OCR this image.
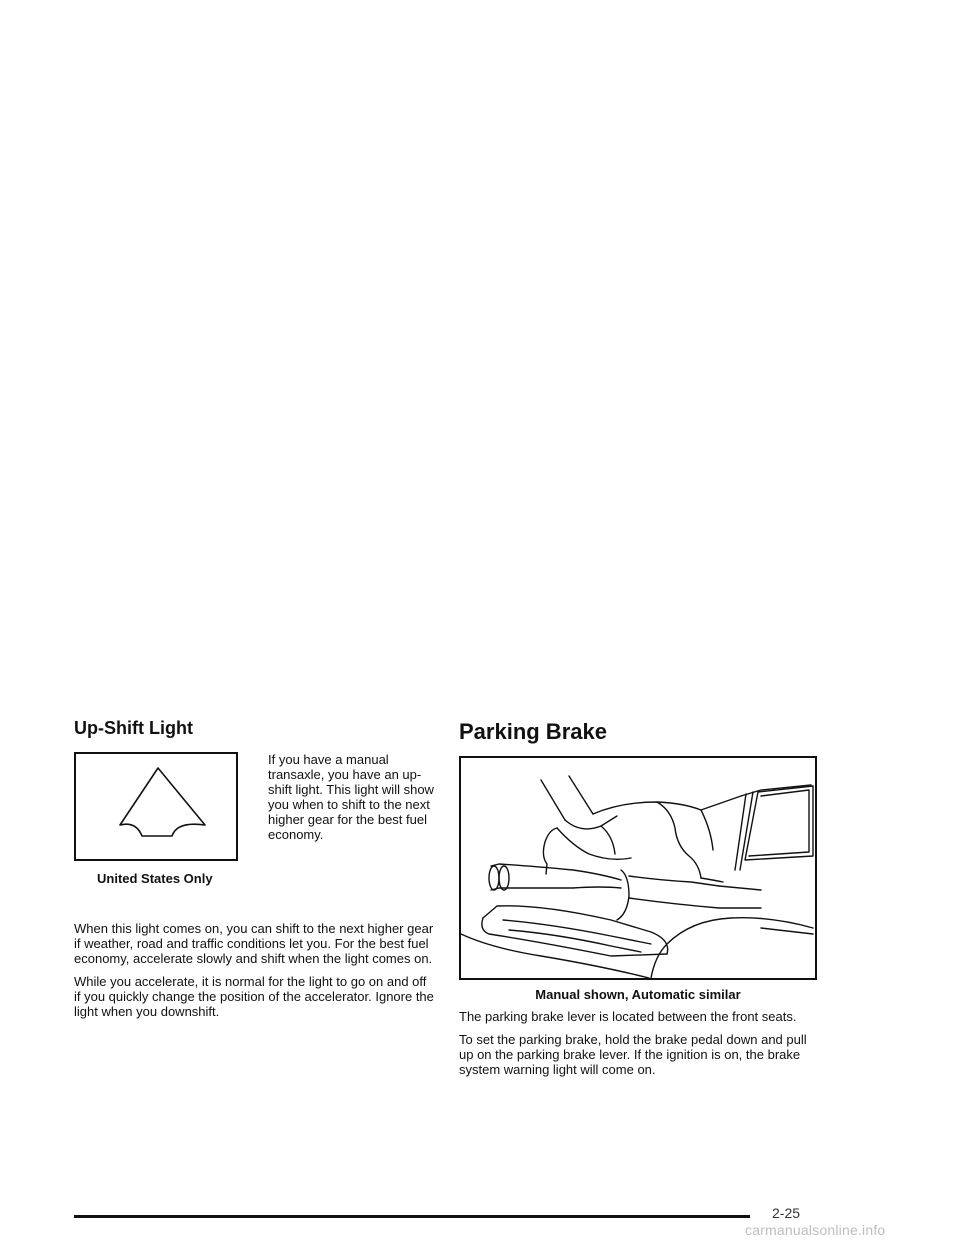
Up-Shift Light
United States Only
If you have a manual transaxle, you have an up-shift light. This light will show you when to shift to the next higher gear for the best fuel economy.

When this light comes on, you can shift to the next higher gear if weather, road and traffic conditions let you. For the best fuel economy, accelerate slowly and shift when the light comes on.

While you accelerate, it is normal for the light to go on and off if you quickly change the position of the accelerator. Ignore the light when you downshift.

Parking Brake
Manual shown, Automatic similar

The parking brake lever is located between the front seats.

To set the parking brake, hold the brake pedal down and pull up on the parking brake lever. If the ignition is on, the brake system warning light will come on.

2-25
carmanualsonline.info
